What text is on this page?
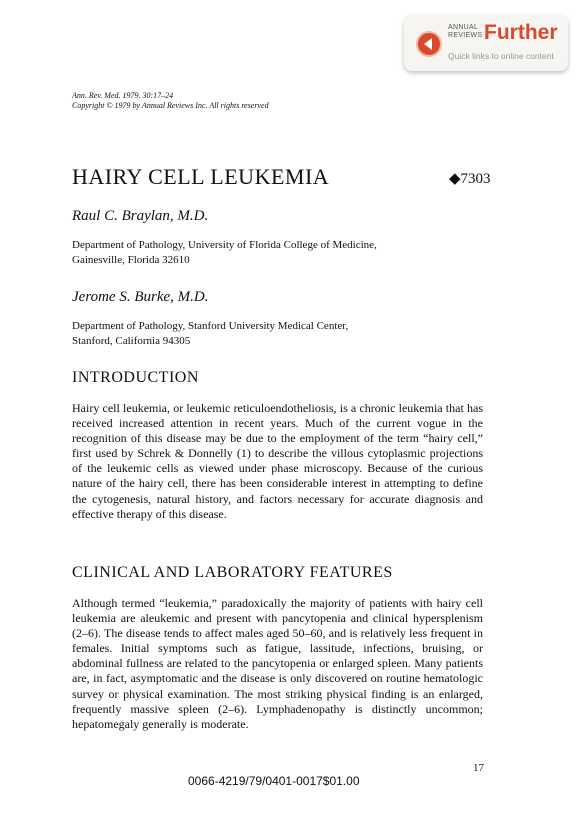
ANNUAL
REVIEWS Further
Quick links to online content
Ann. Rev. Med. 1979. 30:17–24
Copyright © 1979 by Annual Reviews Inc. All rights reserved
HAIRY CELL LEUKEMIA	◆7303
Raul C. Braylan, M.D.
Department of Pathology, University of Florida College of Medicine,
Gainesville, Florida 32610
Jerome S. Burke, M.D.
Department of Pathology, Stanford University Medical Center,
Stanford, California 94305
INTRODUCTION

Hairy cell leukemia, or leukemic reticuloendotheliosis, is a chronic leukemia that has received increased attention in recent years. Much of the current vogue in the recognition of this disease may be due to the employment of the term “hairy cell,” first used by Schrek & Donnelly (1) to describe the villous cytoplasmic projections of the leukemic cells as viewed under phase microscopy. Because of the curious nature of the hairy cell, there has been considerable interest in attempting to define the cytogenesis, natural history, and factors necessary for accurate diagnosis and effective therapy of this disease.

CLINICAL AND LABORATORY FEATURES

Although termed “leukemia,” paradoxically the majority of patients with hairy cell leukemia are aleukemic and present with pancytopenia and clinical hypersplenism (2–6). The disease tends to affect males aged 50–60, and is relatively less frequent in females. Initial symptoms such as fatigue, lassitude, infections, bruising, or abdominal fullness are related to the pancytopenia or enlarged spleen. Many patients are, in fact, asymptomatic and the disease is only discovered on routine hematologic survey or physical examination. The most striking physical finding is an enlarged, frequently massive spleen (2–6). Lymphadenopathy is distinctly uncommon; hepatomegaly generally is moderate.

17
0066-4219/79/0401-0017$01.00
